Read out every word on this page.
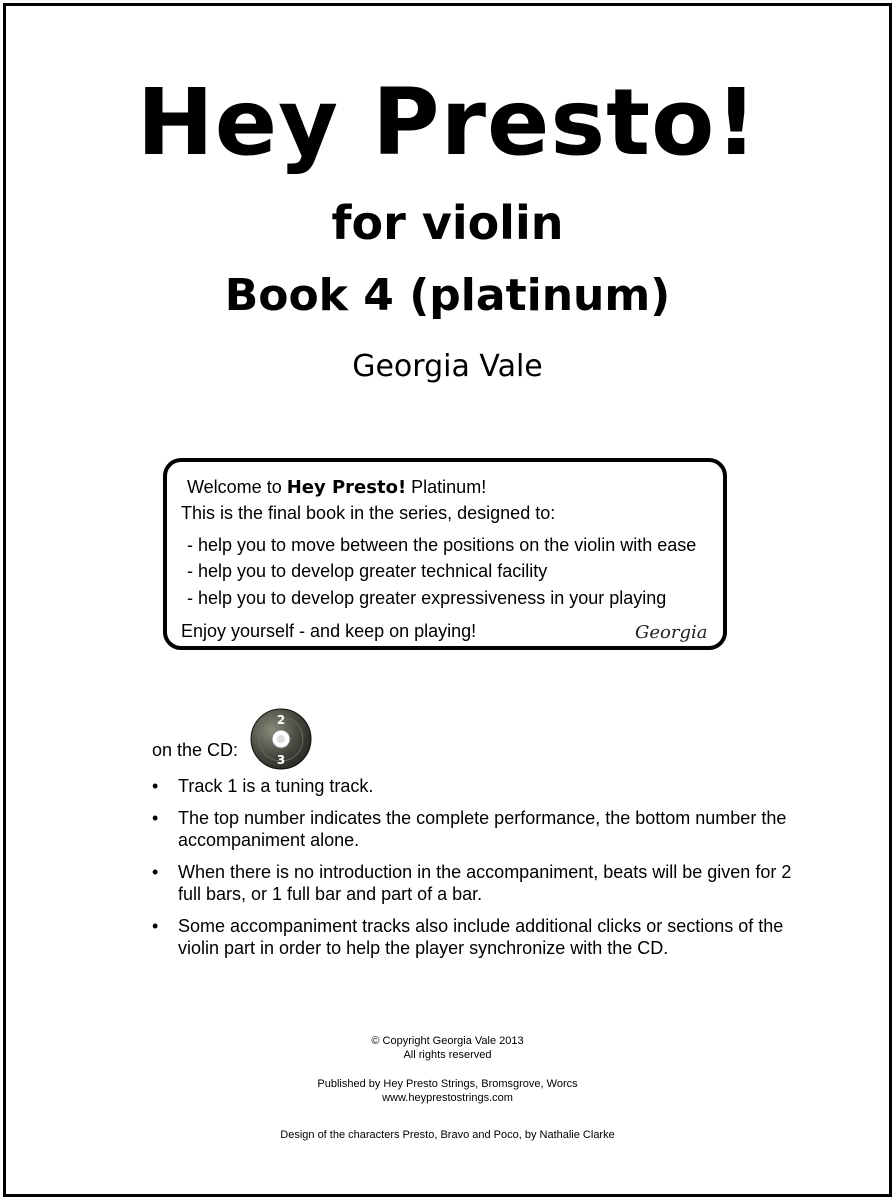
Hey Presto!
for violin
Book 4 (platinum)
Georgia Vale
Welcome to Hey Presto! Platinum!
This is the final book in the series, designed to:
- help you to move between the positions on the violin with ease
- help you to develop greater technical facility
- help you to develop greater expressiveness in your playing
Enjoy yourself - and keep on playing!	Georgia
on the CD:
2
3
• Track 1 is a tuning track.
• The top number indicates the complete performance, the bottom number the accompaniment alone.
• When there is no introduction in the accompaniment, beats will be given for 2 full bars, or 1 full bar and part of a bar.
• Some accompaniment tracks also include additional clicks or sections of the violin part in order to help the player synchronize with the CD.
© Copyright Georgia Vale 2013
All rights reserved
Published by Hey Presto Strings, Bromsgrove, Worcs
www.heyprestostrings.com
Design of the characters Presto, Bravo and Poco, by Nathalie Clarke
